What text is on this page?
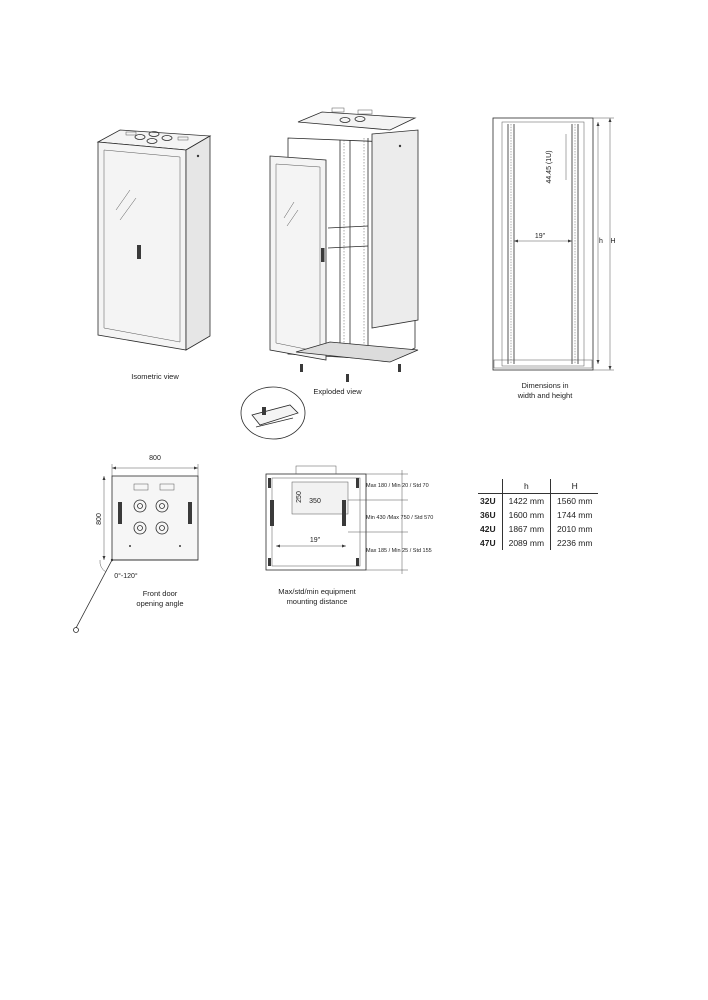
Isometric view
Exploded view
44.45 (1U)
19"
h	H
Dimensions in
width and height
800
800
0°-120°
Front door
opening angle
250 350
19"
Max 180 / Min 20 / Std 70
Min 430 /Max 750 / Std 570
Max 185 / Min 25 / Std 155
Max/std/min equipment
mounting distance
	h	H
32U	1422 mm	1560 mm
36U	1600 mm	1744 mm
42U	1867 mm	2010 mm
47U	2089 mm	2236 mm
